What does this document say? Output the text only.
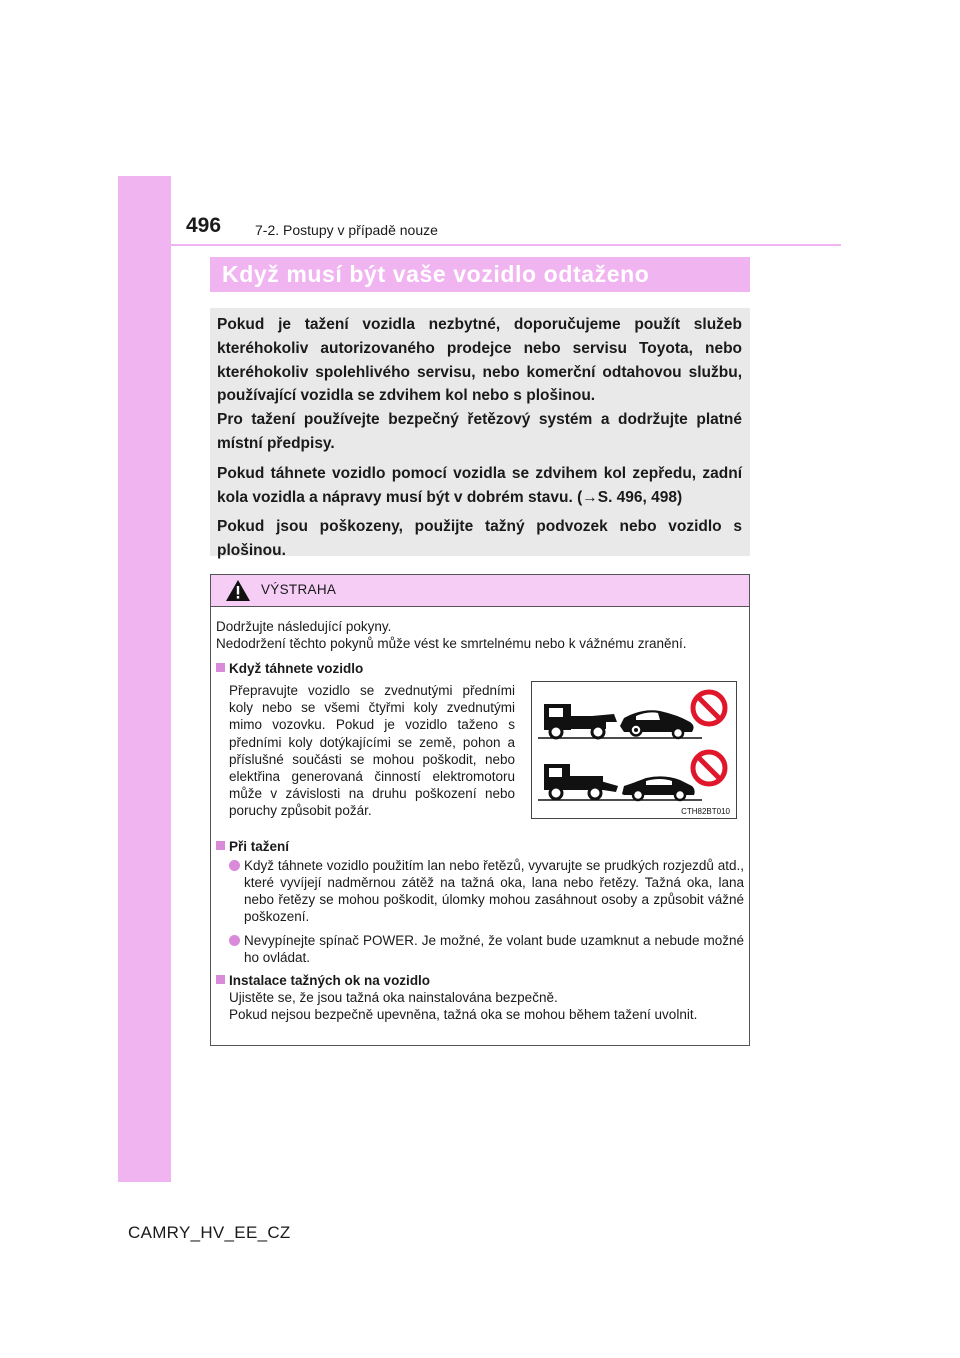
496 7-2. Postupy v případě nouze
Když musí být vaše vozidlo odtaženo

Pokud je tažení vozidla nezbytné, doporučujeme použít služeb kteréhokoliv autorizovaného prodejce nebo servisu Toyota, nebo kteréhokoliv spolehlivého servisu, nebo komerční odtahovou službu, používající vozidla se zdvihem kol nebo s plošinou.

Pro tažení používejte bezpečný řetězový systém a dodržujte platné místní předpisy.

Pokud táhnete vozidlo pomocí vozidla se zdvihem kol zepředu, zadní kola vozidla a nápravy musí být v dobrém stavu. (→S. 496, 498)

Pokud jsou poškozeny, použijte tažný podvozek nebo vozidlo s plošinou.

VÝSTRAHA

Dodržujte následující pokyny.

Nedodržení těchto pokynů může vést ke smrtelnému nebo k vážnému zranění.

Když táhnete vozidlo
Přepravujte vozidlo se zvednutými předními koly nebo se všemi čtyřmi koly zvednutými mimo vozovku. Pokud je vozidlo taženo s předními koly dotýkajícími se země, pohon a příslušné součásti se mohou poškodit, nebo elektřina generovaná činností elektromotoru může v závislosti na druhu poškození nebo poruchy způsobit požár.	CTH82BT010
Při tažení
Když táhnete vozidlo použitím lan nebo řetězů, vyvarujte se prudkých rozjezdů atd., které vyvíjejí nadměrnou zátěž na tažná oka, lana nebo řetězy. Tažná oka, lana nebo řetězy se mohou poškodit, úlomky mohou zasáhnout osoby a způsobit vážné poškození.
Nevypínejte spínač POWER. Je možné, že volant bude uzamknut a nebude možné ho ovládat.
Instalace tažných ok na vozidlo

Ujistěte se, že jsou tažná oka nainstalována bezpečně.

Pokud nejsou bezpečně upevněna, tažná oka se mohou během tažení uvolnit.

CAMRY_HV_EE_CZ
